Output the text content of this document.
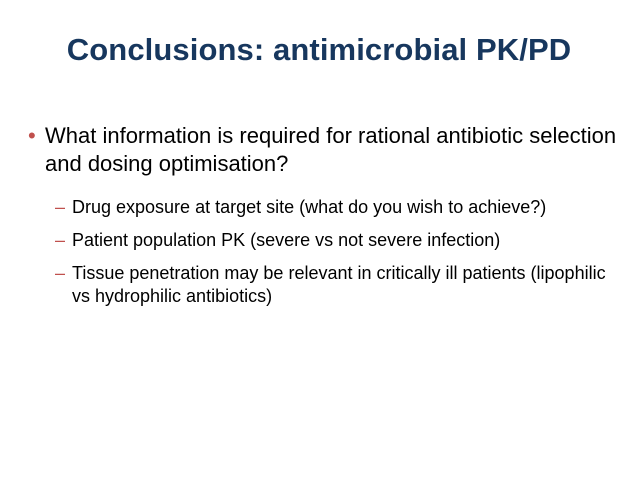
Conclusions: antimicrobial PK/PD
• What information is required for rational antibiotic selection and dosing optimisation?
– Drug exposure at target site (what do you wish to achieve?)
– Patient population PK (severe vs not severe infection)
– Tissue penetration may be relevant in critically ill patients (lipophilic vs hydrophilic antibiotics)
